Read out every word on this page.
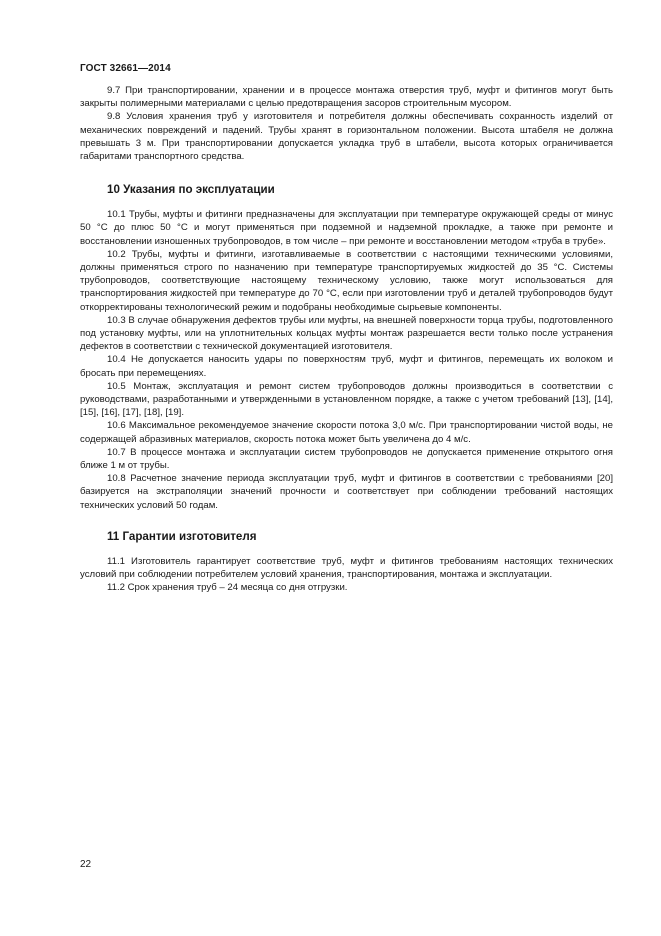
ГОСТ 32661—2014

9.7 При транспортировании, хранении и в процессе монтажа отверстия труб, муфт и фитингов могут быть закрыты полимерными материалами с целью предотвращения засоров строительным мусором.

9.8 Условия хранения труб у изготовителя и потребителя должны обеспечивать сохранность изделий от механических повреждений и падений. Трубы хранят в горизонтальном положении. Высота штабеля не должна превышать 3 м. При транспортировании допускается укладка труб в штабели, высота которых ограничивается габаритами транспортного средства.

10 Указания по эксплуатации

10.1 Трубы, муфты и фитинги предназначены для эксплуатации при температуре окружающей среды от минус 50 °С до плюс 50 °С и могут применяться при подземной и надземной прокладке, а также при ремонте и восстановлении изношенных трубопроводов, в том числе – при ремонте и восстановлении методом «труба в трубе».

10.2 Трубы, муфты и фитинги, изготавливаемые в соответствии с настоящими техническими условиями, должны применяться строго по назначению при температуре транспортируемых жидкостей до 35 °С. Системы трубопроводов, соответствующие настоящему техническому условию, также могут использоваться для транспортирования жидкостей при температуре до 70 °С, если при изготовлении труб и деталей трубопроводов будут откорректированы технологический режим и подобраны необходимые сырьевые компоненты.

10.3 В случае обнаружения дефектов трубы или муфты, на внешней поверхности торца трубы, подготовленного под установку муфты, или на уплотнительных кольцах муфты монтаж разрешается вести только после устранения дефектов в соответствии с технической документацией изготовителя.

10.4 Не допускается наносить удары по поверхностям труб, муфт и фитингов, перемещать их волоком и бросать при перемещениях.

10.5 Монтаж, эксплуатация и ремонт систем трубопроводов должны производиться в соответствии с руководствами, разработанными и утвержденными в установленном порядке, а также с учетом требований [13], [14], [15], [16], [17], [18], [19].

10.6 Максимальное рекомендуемое значение скорости потока 3,0 м/с. При транспортировании чистой воды, не содержащей абразивных материалов, скорость потока может быть увеличена до 4 м/с.

10.7 В процессе монтажа и эксплуатации систем трубопроводов не допускается применение открытого огня ближе 1 м от трубы.

10.8 Расчетное значение периода эксплуатации труб, муфт и фитингов в соответствии с требованиями [20] базируется на экстраполяции значений прочности и соответствует при соблюдении требований настоящих технических условий 50 годам.

11 Гарантии изготовителя

11.1 Изготовитель гарантирует соответствие труб, муфт и фитингов требованиям настоящих технических условий при соблюдении потребителем условий хранения, транспортирования, монтажа и эксплуатации.

11.2 Срок хранения труб – 24 месяца со дня отгрузки.

22
